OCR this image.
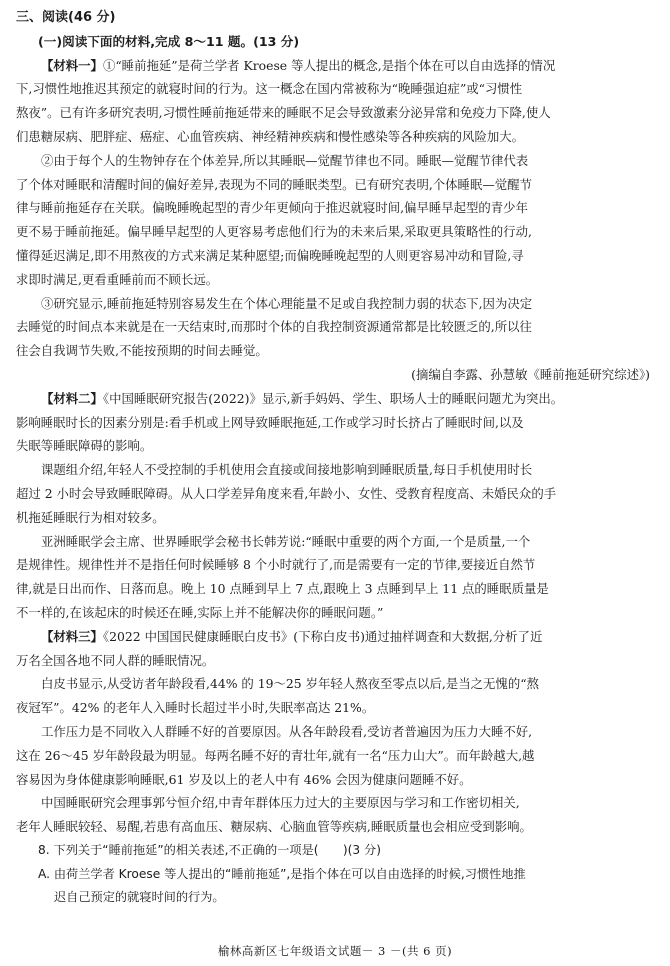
三、阅读(46 分)

(一)阅读下面的材料,完成 8～11 题。(13 分)

【材料一】①“睡前拖延”是荷兰学者 Kroese 等人提出的概念,是指个体在可以自由选择的情况

下,习惯性地推迟其预定的就寝时间的行为。这一概念在国内常被称为“晚睡强迫症”或“习惯性

熬夜”。已有许多研究表明,习惯性睡前拖延带来的睡眠不足会导致激素分泌异常和免疫力下降,使人

们患糖尿病、肥胖症、癌症、心血管疾病、神经精神疾病和慢性感染等各种疾病的风险加大。

②由于每个人的生物钟存在个体差异,所以其睡眠—觉醒节律也不同。睡眠—觉醒节律代表

了个体对睡眠和清醒时间的偏好差异,表现为不同的睡眠类型。已有研究表明,个体睡眠—觉醒节

律与睡前拖延存在关联。偏晚睡晚起型的青少年更倾向于推迟就寝时间,偏早睡早起型的青少年

更不易于睡前拖延。偏早睡早起型的人更容易考虑他们行为的未来后果,采取更具策略性的行动,

懂得延迟满足,即不用熬夜的方式来满足某种愿望;而偏晚睡晚起型的人则更容易冲动和冒险,寻

求即时满足,更看重睡前而不顾长远。

③研究显示,睡前拖延特别容易发生在个体心理能量不足或自我控制力弱的状态下,因为决定

去睡觉的时间点本来就是在一天结束时,而那时个体的自我控制资源通常都是比较匮乏的,所以往

往会自我调节失败,不能按预期的时间去睡觉。

(摘编自李露、孙慧敏《睡前拖延研究综述》)

【材料二】《中国睡眠研究报告(2022)》显示,新手妈妈、学生、职场人士的睡眠问题尤为突出。

影响睡眠时长的因素分别是:看手机或上网导致睡眠拖延,工作或学习时长挤占了睡眠时间,以及

失眠等睡眠障碍的影响。

课题组介绍,年轻人不受控制的手机使用会直接或间接地影响到睡眠质量,每日手机使用时长

超过 2 小时会导致睡眠障碍。从人口学差异角度来看,年龄小、女性、受教育程度高、未婚民众的手

机拖延睡眠行为相对较多。

亚洲睡眠学会主席、世界睡眠学会秘书长韩芳说:“睡眠中重要的两个方面,一个是质量,一个

是规律性。规律性并不是指任何时候睡够 8 个小时就行了,而是需要有一定的节律,要接近自然节

律,就是日出而作、日落而息。晚上 10 点睡到早上 7 点,跟晚上 3 点睡到早上 11 点的睡眠质量是

不一样的,在该起床的时候还在睡,实际上并不能解决你的睡眠问题。”

【材料三】《2022 中国国民健康睡眠白皮书》(下称白皮书)通过抽样调查和大数据,分析了近

万名全国各地不同人群的睡眠情况。

白皮书显示,从受访者年龄段看,44% 的 19～25 岁年轻人熬夜至零点以后,是当之无愧的“熬

夜冠军”。42% 的老年人入睡时长超过半小时,失眠率高达 21%。

工作压力是不同收入人群睡不好的首要原因。从各年龄段看,受访者普遍因为压力大睡不好,

这在 26～45 岁年龄段最为明显。每两名睡不好的青壮年,就有一名“压力山大”。而年龄越大,越

容易因为身体健康影响睡眠,61 岁及以上的老人中有 46% 会因为健康问题睡不好。

中国睡眠研究会理事郭兮恒介绍,中青年群体压力过大的主要原因与学习和工作密切相关,

老年人睡眠较轻、易醒,若患有高血压、糖尿病、心脑血管等疾病,睡眠质量也会相应受到影响。

8. 下列关于“睡前拖延”的相关表述,不正确的一项是(　　)(3 分)

A. 由荷兰学者 Kroese 等人提出的“睡前拖延”,是指个体在可以自由选择的时候,习惯性地推

迟自己预定的就寝时间的行为。

榆林高新区七年级语文试题－ 3 －(共 6 页)
